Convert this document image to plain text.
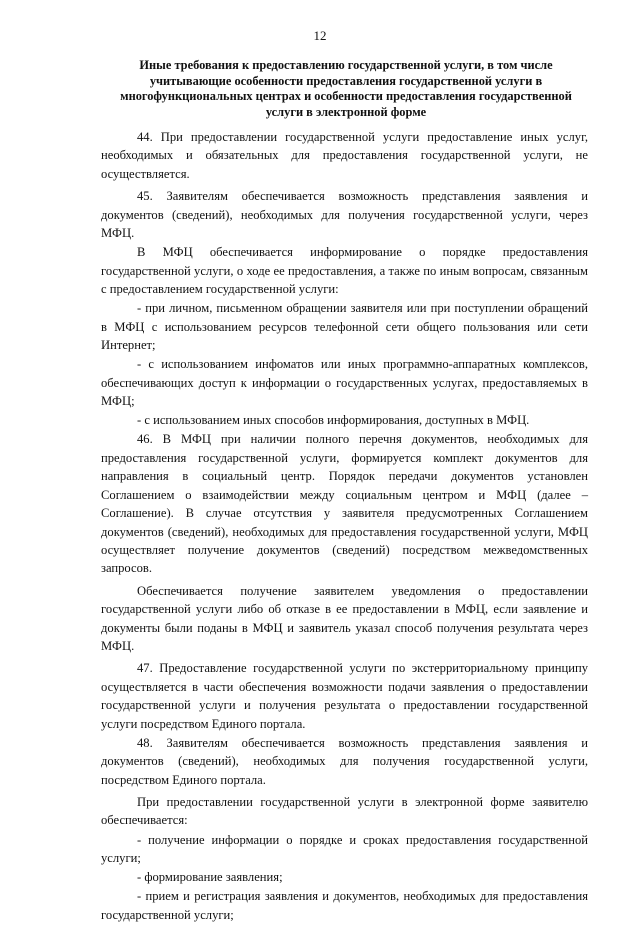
12
Иные требования к предоставлению государственной услуги, в том числе учитывающие особенности предоставления государственной услуги в многофункциональных центрах и особенности предоставления государственной услуги в электронной форме

44. При предоставлении государственной услуги предоставление иных услуг, необходимых и обязательных для предоставления государственной услуги, не осуществляется.

45. Заявителям обеспечивается возможность представления заявления и документов (сведений), необходимых для получения государственной услуги, через МФЦ.

В МФЦ обеспечивается информирование о порядке предоставления государственной услуги, о ходе ее предоставления, а также по иным вопросам, связанным с предоставлением государственной услуги:

- при личном, письменном обращении заявителя или при поступлении обращений в МФЦ с использованием ресурсов телефонной сети общего пользования или сети Интернет;

- с использованием инфоматов или иных программно-аппаратных комплексов, обеспечивающих доступ к информации о государственных услугах, предоставляемых в МФЦ;

- с использованием иных способов информирования, доступных в МФЦ.

46. В МФЦ при наличии полного перечня документов, необходимых для предоставления государственной услуги, формируется комплект документов для направления в социальный центр. Порядок передачи документов установлен Соглашением о взаимодействии между социальным центром и МФЦ (далее – Соглашение). В случае отсутствия у заявителя предусмотренных Соглашением документов (сведений), необходимых для предоставления государственной услуги, МФЦ осуществляет получение документов (сведений) посредством межведомственных запросов.

Обеспечивается получение заявителем уведомления о предоставлении государственной услуги либо об отказе в ее предоставлении в МФЦ, если заявление и документы были поданы в МФЦ и заявитель указал способ получения результата через МФЦ.

47. Предоставление государственной услуги по экстерриториальному принципу осуществляется в части обеспечения возможности подачи заявления о предоставлении государственной услуги и получения результата о предоставлении государственной услуги посредством Единого портала.

48. Заявителям обеспечивается возможность представления заявления и документов (сведений), необходимых для получения государственной услуги, посредством Единого портала.

При предоставлении государственной услуги в электронной форме заявителю обеспечивается:

- получение информации о порядке и сроках предоставления государственной услуги;

- формирование заявления;

- прием и регистрация заявления и документов, необходимых для предоставления государственной услуги;
